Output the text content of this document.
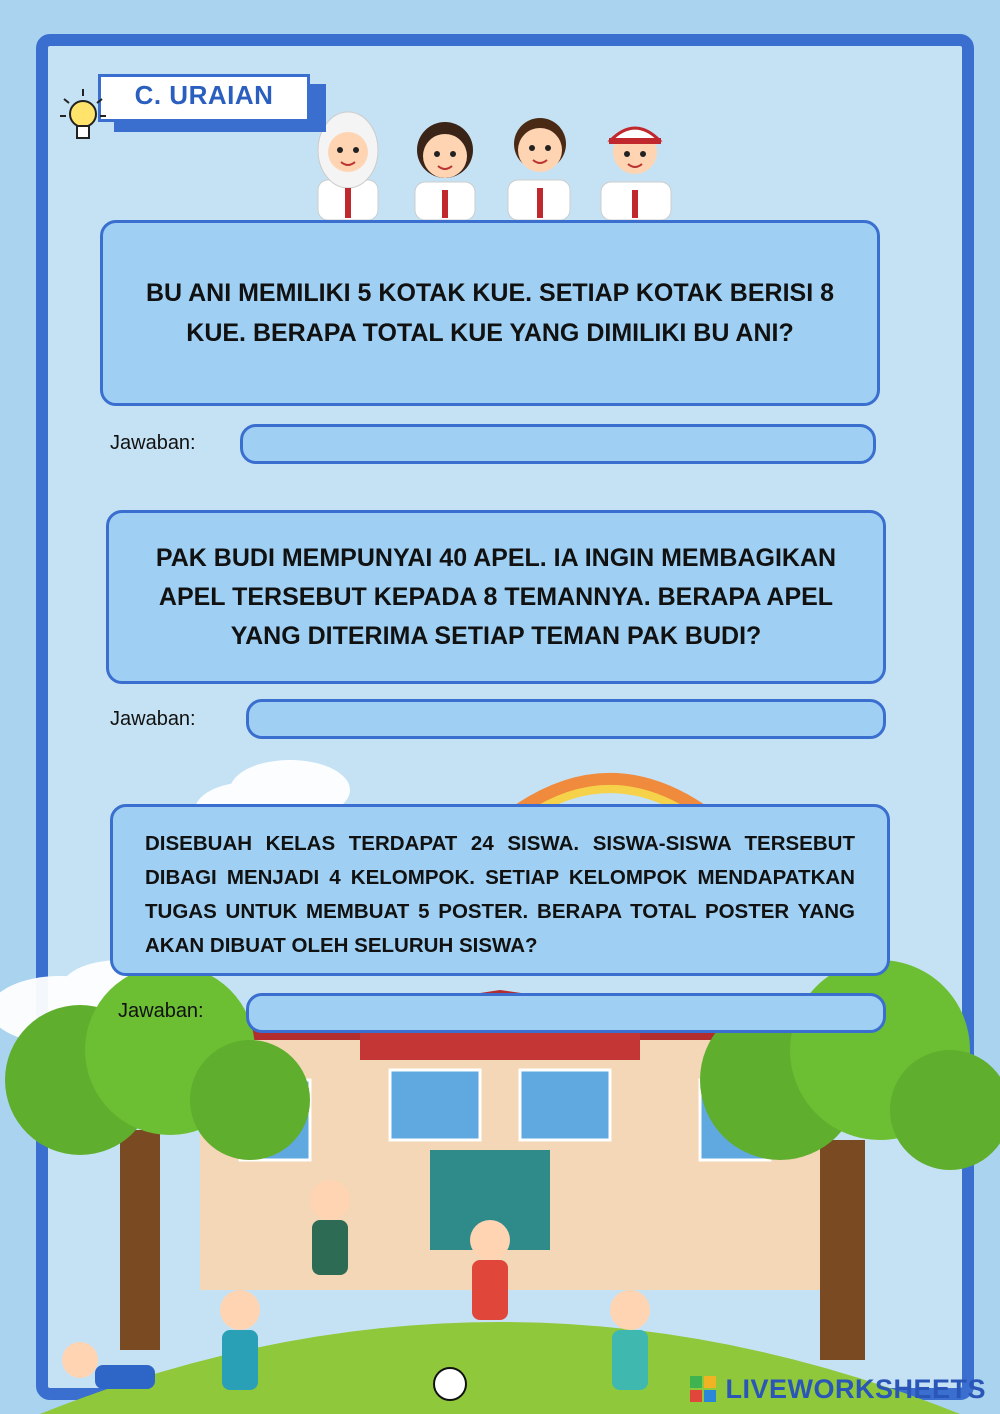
C. URAIAN
BU ANI MEMILIKI 5 KOTAK KUE. SETIAP KOTAK BERISI 8 KUE. BERAPA TOTAL KUE YANG DIMILIKI BU ANI?
Jawaban:
PAK BUDI MEMPUNYAI 40 APEL. IA INGIN MEMBAGIKAN APEL TERSEBUT KEPADA 8 TEMANNYA. BERAPA APEL YANG DITERIMA SETIAP TEMAN PAK BUDI?
Jawaban:
DISEBUAH KELAS TERDAPAT 24 SISWA. SISWA-SISWA TERSEBUT DIBAGI MENJADI 4 KELOMPOK. SETIAP KELOMPOK MENDAPATKAN TUGAS UNTUK MEMBUAT 5 POSTER. BERAPA TOTAL POSTER YANG AKAN DIBUAT OLEH SELURUH SISWA?
Jawaban:
LIVEWORKSHEETS
